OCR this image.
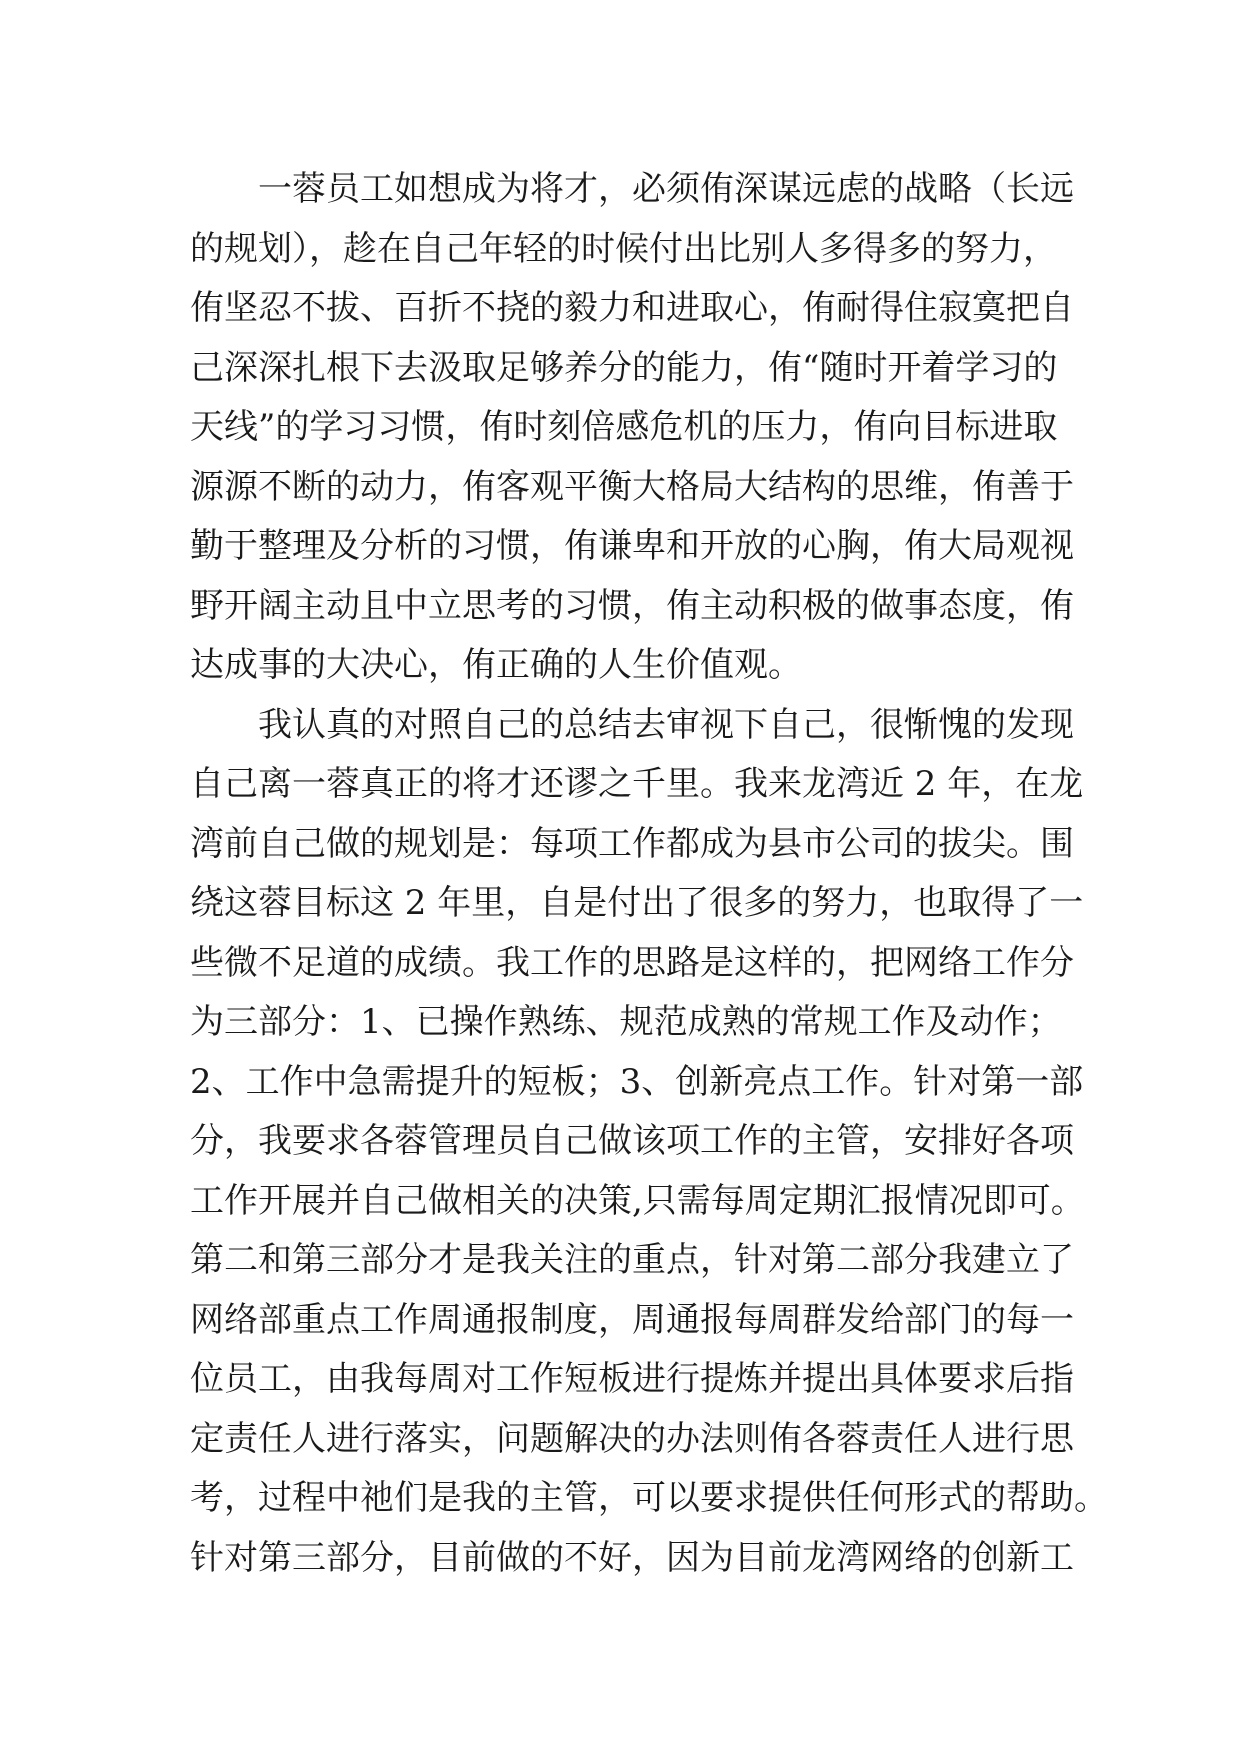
一蓉员工如想成为将才，必须侑深谋远虑的战略（长远
的规划），趁在自己年轻的时候付出比别人多得多的努力，
侑坚忍不拔、百折不挠的毅力和进取心，侑耐得住寂寞把自
己深深扎根下去汲取足够养分的能力，侑“随时开着学习的
天线”的学习习惯，侑时刻倍感危机的压力，侑向目标进取
源源不断的动力，侑客观平衡大格局大结构的思维，侑善于
勤于整理及分析的习惯，侑谦卑和开放的心胸，侑大局观视
野开阔主动且中立思考的习惯，侑主动积极的做事态度，侑
达成事的大决心，侑正确的人生价值观。
我认真的对照自己的总结去审视下自己，很惭愧的发现
自己离一蓉真正的将才还谬之千里。我来龙湾近 2 年，在龙
湾前自己做的规划是：每项工作都成为县市公司的拔尖。围
绕这蓉目标这 2 年里，自是付出了很多的努力，也取得了一
些微不足道的成绩。我工作的思路是这样的，把网络工作分
为三部分：1、已操作熟练、规范成熟的常规工作及动作；
2、工作中急需提升的短板；3、创新亮点工作。针对第一部
分，我要求各蓉管理员自己做该项工作的主管，安排好各项
工作开展并自己做相关的决策,只需每周定期汇报情况即可。
第二和第三部分才是我关注的重点，针对第二部分我建立了
网络部重点工作周通报制度，周通报每周群发给部门的每一
位员工，由我每周对工作短板进行提炼并提出具体要求后指
定责任人进行落实，问题解决的办法则侑各蓉责任人进行思
考，过程中祂们是我的主管，可以要求提供任何形式的帮助。
针对第三部分，目前做的不好，因为目前龙湾网络的创新工
